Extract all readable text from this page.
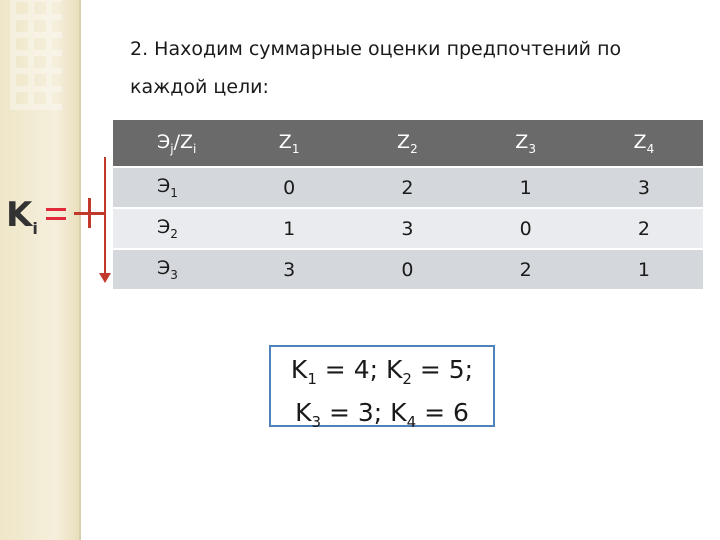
2. Находим суммарные оценки предпочтений по
каждой цели:
$K_i$
$Э_j/Z_i$	$Z_1$	$Z_2$	$Z_3$	$Z_4$
$Э_1$	0	2	1	3
$Э_2$	1	3	0	2
$Э_3$	3	0	2	1
$K_1 = 4$; $K_2 = 5$;
$K_3 = 3$; $K_4 = 6$
